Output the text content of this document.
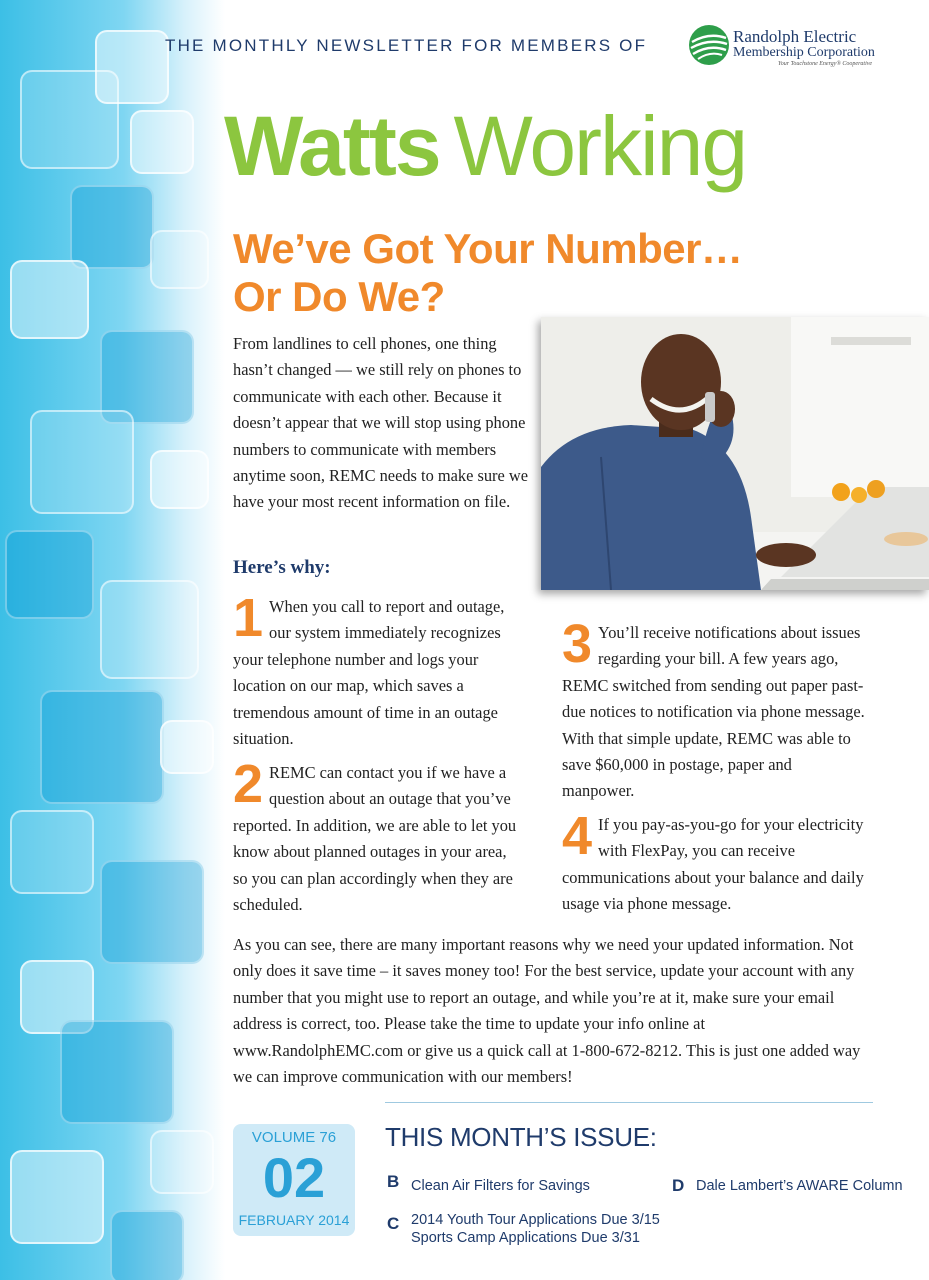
THE MONTHLY NEWSLETTER FOR MEMBERS OF	Randolph Electric
Membership Corporation
Your Touchstone Energy® Cooperative
Watts Working
We’ve Got Your Number…
Or Do We?
From landlines to cell phones, one thing hasn’t changed — we still rely on phones to communicate with each other. Because it doesn’t appear that we will stop using phone numbers to communicate with members anytime soon, REMC needs to make sure we have your most recent information on file.
Here’s why:
1 When you call to report and outage, our system immediately recognizes your telephone number and logs your location on our map, which saves a tremendous amount of time in an outage situation.
2 REMC can contact you if we have a question about an outage that you’ve reported. In addition, we are able to let you know about planned outages in your area, so you can plan accordingly when they are scheduled.
3 You’ll receive notifications about issues regarding your bill. A few years ago, REMC switched from sending out paper past-due notices to notification via phone message. With that simple update, REMC was able to save $60,000 in postage, paper and manpower.
4 If you pay-as-you-go for your electricity with FlexPay, you can receive communications about your balance and daily usage via phone message.
As you can see, there are many important reasons why we need your updated information. Not only does it save time – it saves money too! For the best service, update your account with any number that you might use to report an outage, and while you’re at it, make sure your email address is correct, too. Please take the time to update your info online at www.RandolphEMC.com or give us a quick call at 1-800-672-8212. This is just one added way we can improve communication with our members!
VOLUME 76
02
FEBRUARY 2014
THIS MONTH’S ISSUE:
B Clean Air Filters for Savings
C 2014 Youth Tour Applications Due 3/15
Sports Camp Applications Due 3/31
D Dale Lambert’s AWARE Column
